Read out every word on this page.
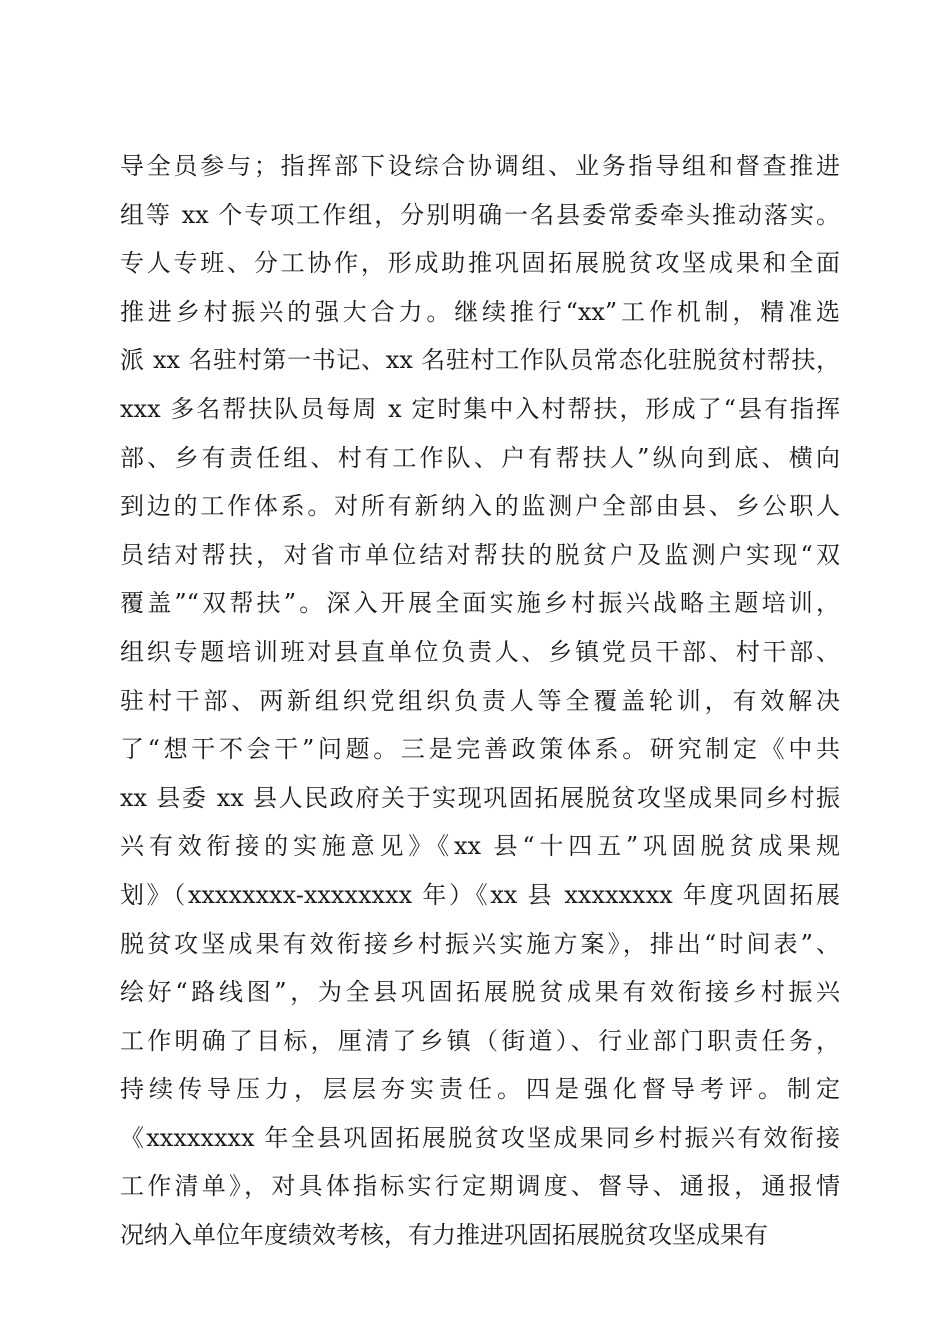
导全员参与；指挥部下设综合协调组、业务指导组和督查推进
组等 xx 个专项工作组，分别明确一名县委常委牵头推动落实。
专人专班、分工协作，形成助推巩固拓展脱贫攻坚成果和全面
推进乡村振兴的强大合力。继续推行“xx”工作机制，精准选
派 xx 名驻村第一书记、xx 名驻村工作队员常态化驻脱贫村帮扶，
xxx 多名帮扶队员每周 x 定时集中入村帮扶，形成了“县有指挥
部、乡有责任组、村有工作队、户有帮扶人”纵向到底、横向
到边的工作体系。对所有新纳入的监测户全部由县、乡公职人
员结对帮扶，对省市单位结对帮扶的脱贫户及监测户实现“双
覆盖”“双帮扶”。深入开展全面实施乡村振兴战略主题培训，
组织专题培训班对县直单位负责人、乡镇党员干部、村干部、
驻村干部、两新组织党组织负责人等全覆盖轮训，有效解决
了“想干不会干”问题。三是完善政策体系。研究制定《中共
xx 县委 xx 县人民政府关于实现巩固拓展脱贫攻坚成果同乡村振
兴有效衔接的实施意见》《xx 县“十四五”巩固脱贫成果规
划》（xxxxxxxx-xxxxxxxx 年）《xx 县 xxxxxxxx 年度巩固拓展
脱贫攻坚成果有效衔接乡村振兴实施方案》，排出“时间表”、
绘好“路线图”，为全县巩固拓展脱贫成果有效衔接乡村振兴
工作明确了目标，厘清了乡镇（街道）、行业部门职责任务，
持续传导压力，层层夯实责任。四是强化督导考评。制定
《xxxxxxxx 年全县巩固拓展脱贫攻坚成果同乡村振兴有效衔接
工作清单》，对具体指标实行定期调度、督导、通报，通报情
况纳入单位年度绩效考核，有力推进巩固拓展脱贫攻坚成果有
